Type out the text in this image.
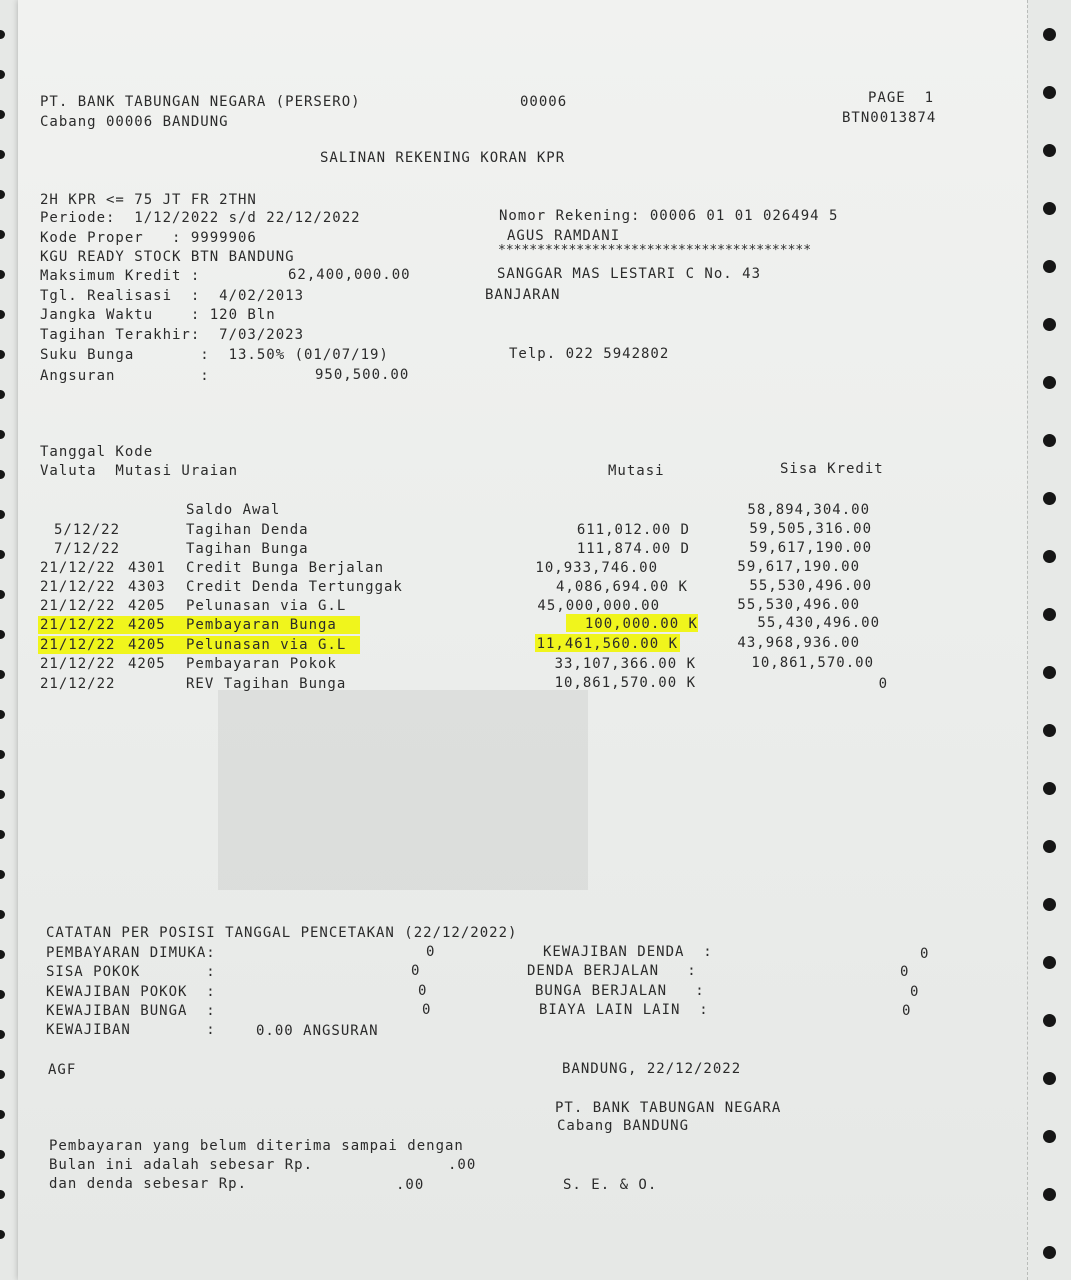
PT. BANK TABUNGAN NEGARA (PERSERO)
Cabang 00006 BANDUNG
00006	PAGE  1
BTN0013874
SALINAN REKENING KORAN KPR
2H KPR <= 75 JT FR 2THN
Periode:  1/12/2022 s/d 22/12/2022
Kode Proper   : 9999906
KGU READY STOCK BTN BANDUNG
Maksimum Kredit :	62,400,000.00
Tgl. Realisasi  :  4/02/2013
Jangka Waktu    : 120 Bln
Tagihan Terakhir:  7/03/2023
Suku Bunga       :  13.50% (01/07/19)
Angsuran         :	950,500.00
Nomor Rekening: 00006 01 01 026494 5
AGUS RAMDANI
****************************************
SANGGAR MAS LESTARI C No. 43
BANJARAN
Telp. 022 5942802
Tanggal Kode
Valuta  Mutasi Uraian	Mutasi	Sisa Kredit
Saldo Awal	58,894,304.00
5/12/22	Tagihan Denda	611,012.00 D	59,505,316.00
7/12/22	Tagihan Bunga	111,874.00 D	59,617,190.00
21/12/22 4301 Credit Bunga Berjalan	10,933,746.00	59,617,190.00
21/12/22 4303 Credit Denda Tertunggak	4,086,694.00 K	55,530,496.00
21/12/22 4205 Pelunasan via G.L	45,000,000.00	55,530,496.00
21/12/22 4205 Pembayaran Bunga	100,000.00 K	55,430,496.00
21/12/22 4205 Pelunasan via G.L	11,461,560.00 K	43,968,936.00
21/12/22 4205 Pembayaran Pokok	33,107,366.00 K	10,861,570.00
21/12/22	REV Tagihan Bunga	10,861,570.00 K	0
CATATAN PER POSISI TANGGAL PENCETAKAN (22/12/2022)
PEMBAYARAN DIMUKA:	0
SISA POKOK       :	0
KEWAJIBAN POKOK  :	0
KEWAJIBAN BUNGA  :	0
KEWAJIBAN        :	0.00 ANGSURAN
KEWAJIBAN DENDA  :	0
DENDA BERJALAN   :	0
BUNGA BERJALAN   :	0
BIAYA LAIN LAIN  :	0
AGF	BANDUNG, 22/12/2022
PT. BANK TABUNGAN NEGARA
Cabang BANDUNG
Pembayaran yang belum diterima sampai dengan
Bulan ini adalah sebesar Rp.	.00
dan denda sebesar Rp.	.00	S. E. & O.
